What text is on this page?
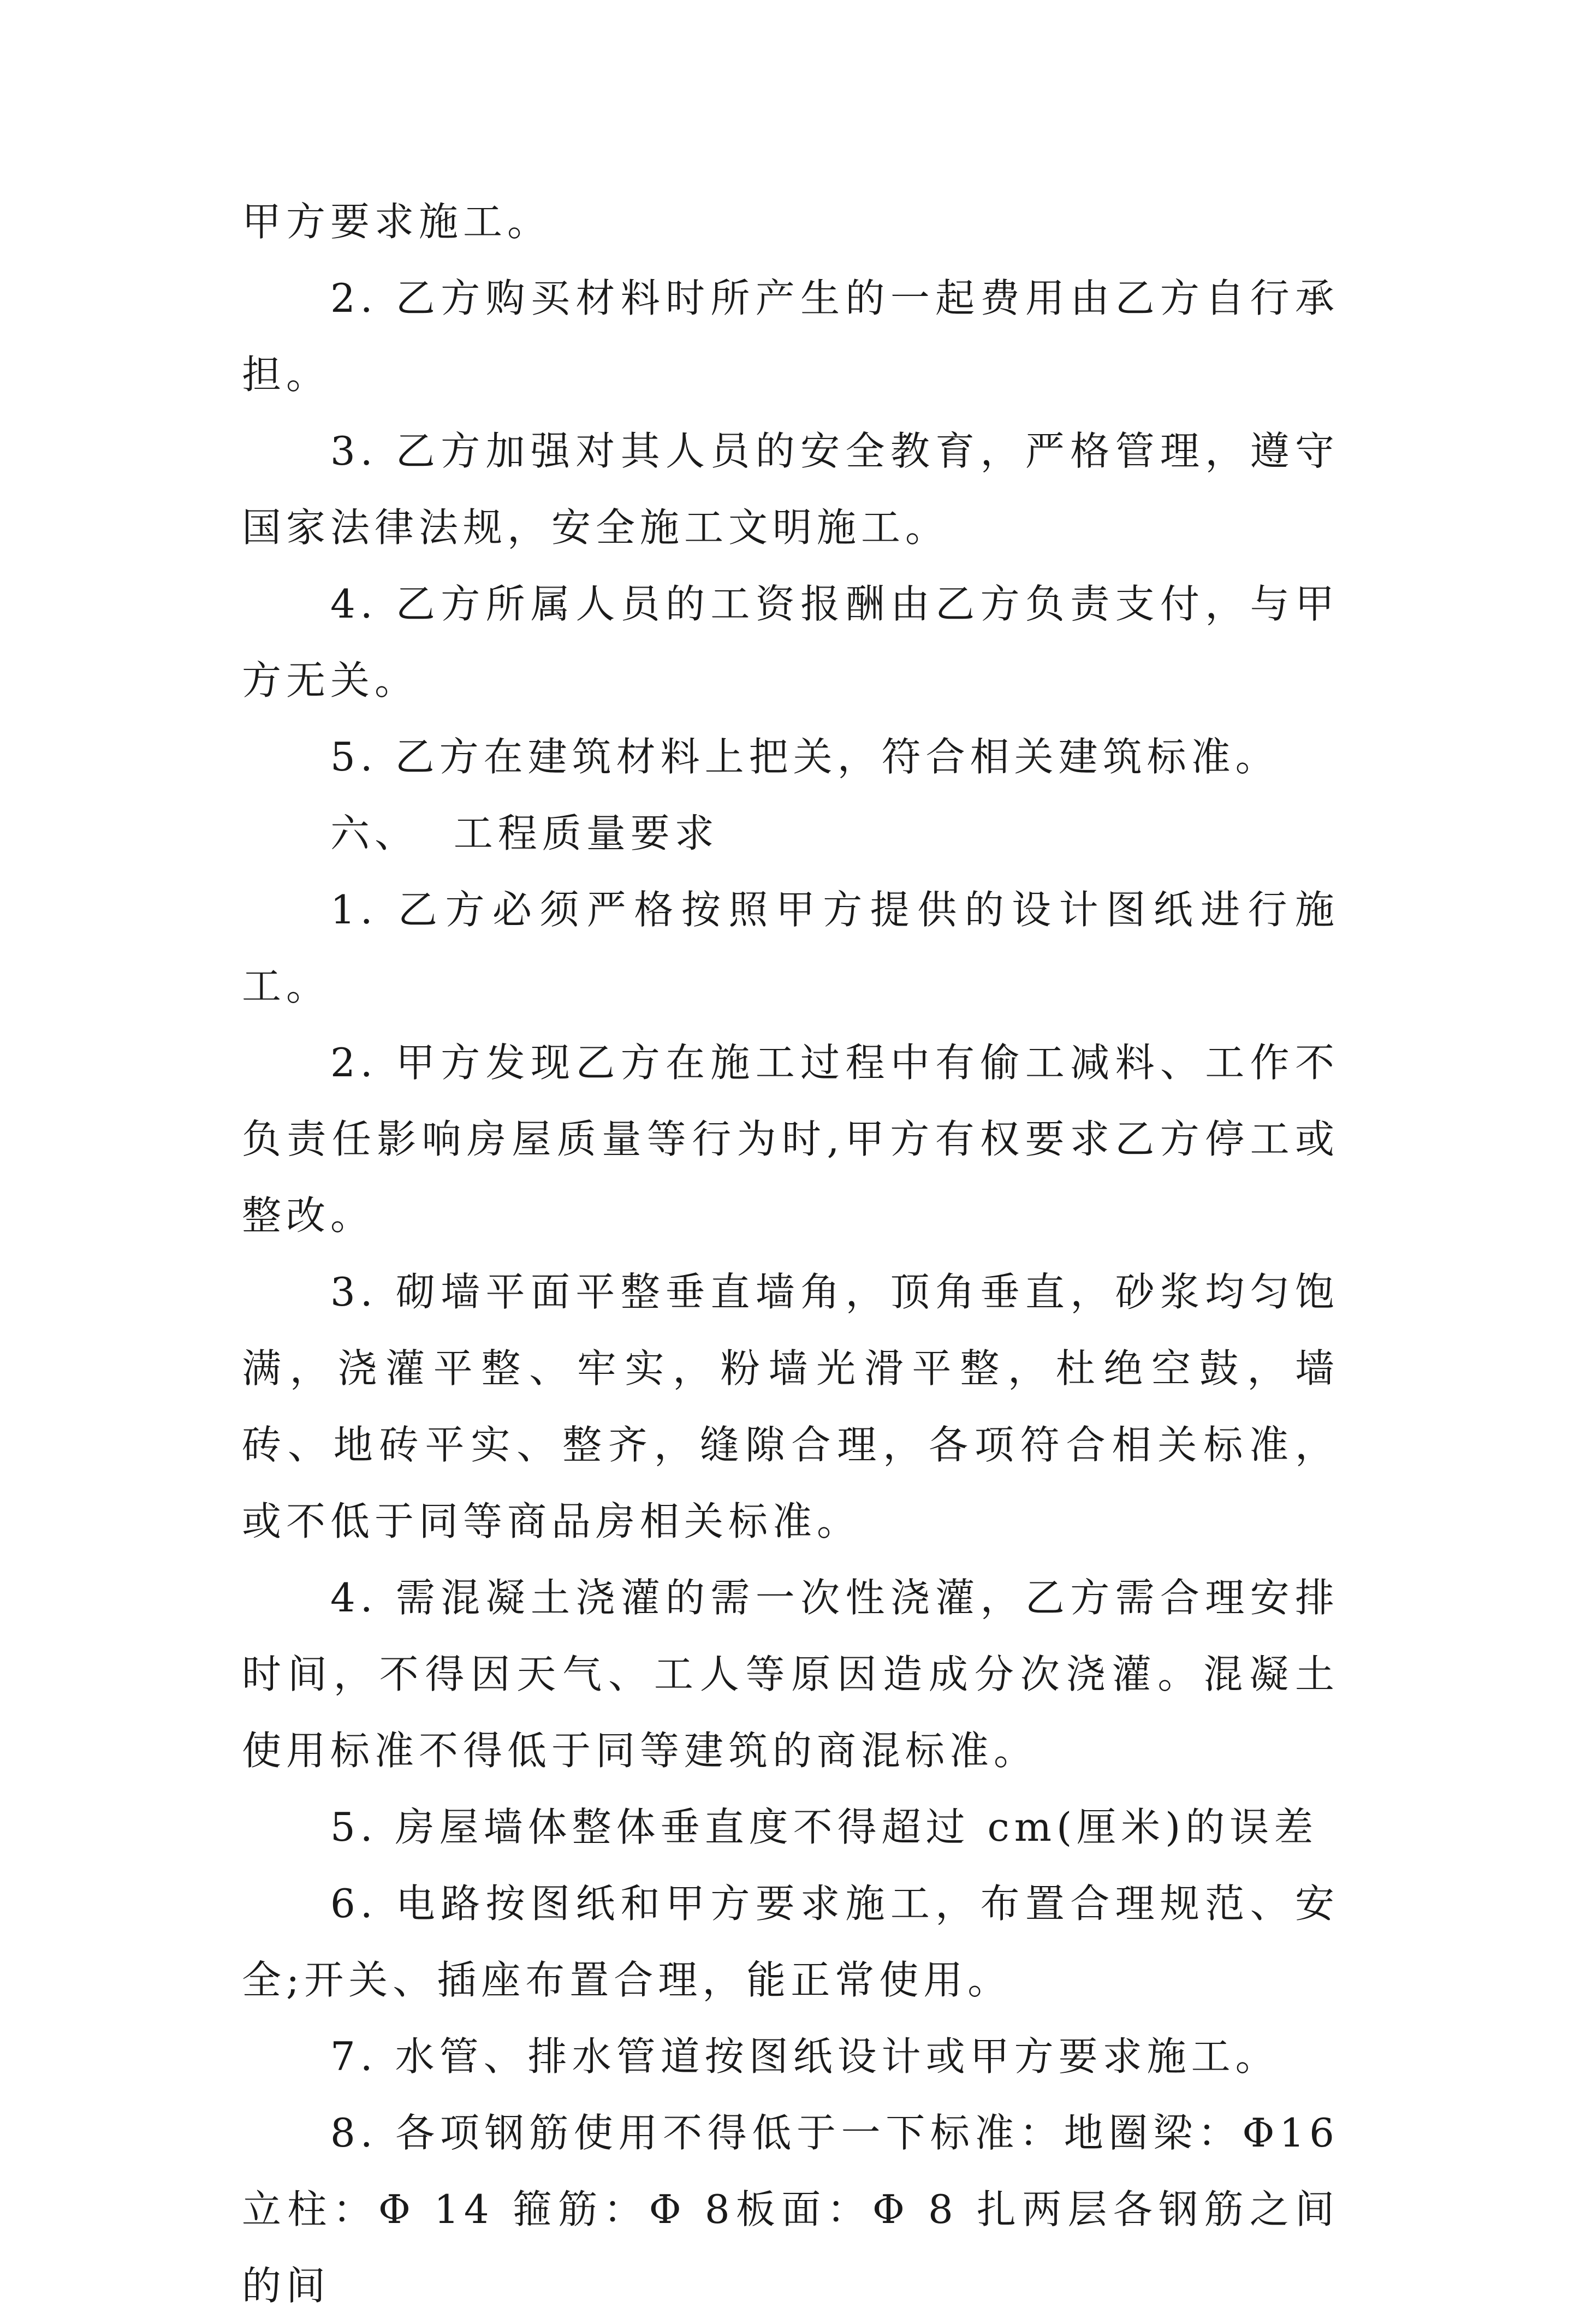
甲方要求施工。

2. 乙方购买材料时所产生的一起费用由乙方自行承担。

3. 乙方加强对其人员的安全教育，严格管理，遵守国家法律法规，安全施工文明施工。

4. 乙方所属人员的工资报酬由乙方负责支付，与甲方无关。

5. 乙方在建筑材料上把关，符合相关建筑标准。

六、  工程质量要求

1. 乙方必须严格按照甲方提供的设计图纸进行施工。

2. 甲方发现乙方在施工过程中有偷工减料、工作不负责任影响房屋质量等行为时,甲方有权要求乙方停工或整改。

3. 砌墙平面平整垂直墙角，顶角垂直，砂浆均匀饱满，浇灌平整、牢实，粉墙光滑平整，杜绝空鼓，墙砖、地砖平实、整齐，缝隙合理，各项符合相关标准，或不低于同等商品房相关标准。

4. 需混凝土浇灌的需一次性浇灌，乙方需合理安排时间，不得因天气、工人等原因造成分次浇灌。混凝土使用标准不得低于同等建筑的商混标准。

5. 房屋墙体整体垂直度不得超过 cm(厘米)的误差

6. 电路按图纸和甲方要求施工，布置合理规范、安全;开关、插座布置合理，能正常使用。

7. 水管、排水管道按图纸设计或甲方要求施工。

8. 各项钢筋使用不得低于一下标准：地圈梁：Φ16 立柱：Φ 14 箍筋：Φ 8板面：Φ 8 扎两层各钢筋之间的间
